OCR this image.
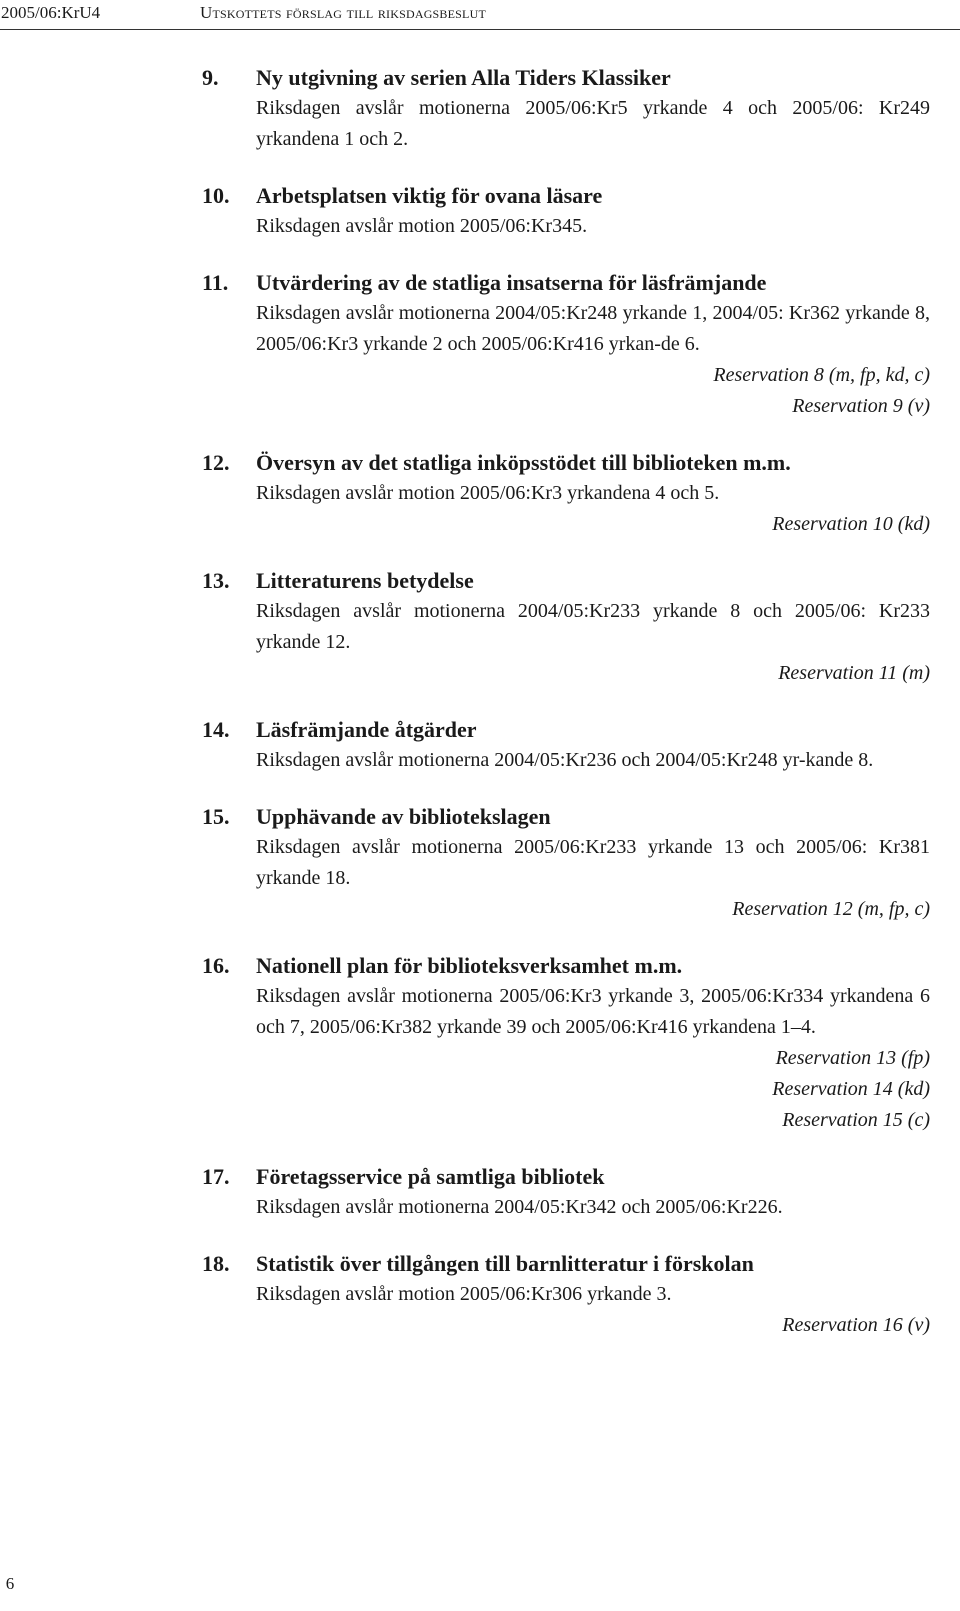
2005/06:KrU4	Utskottets förslag till riksdagsbeslut
9. Ny utgivning av serien Alla Tiders Klassiker
Riksdagen avslår motionerna 2005/06:Kr5 yrkande 4 och 2005/06: Kr249 yrkandena 1 och 2.
10. Arbetsplatsen viktig för ovana läsare
Riksdagen avslår motion 2005/06:Kr345.
11. Utvärdering av de statliga insatserna för läsfrämjande
Riksdagen avslår motionerna 2004/05:Kr248 yrkande 1, 2004/05: Kr362 yrkande 8, 2005/06:Kr3 yrkande 2 och 2005/06:Kr416 yrkan-de 6.
Reservation 8 (m, fp, kd, c)
Reservation 9 (v)
12. Översyn av det statliga inköpsstödet till biblioteken m.m.
Riksdagen avslår motion 2005/06:Kr3 yrkandena 4 och 5.
Reservation 10 (kd)
13. Litteraturens betydelse
Riksdagen avslår motionerna 2004/05:Kr233 yrkande 8 och 2005/06: Kr233 yrkande 12.
Reservation 11 (m)
14. Läsfrämjande åtgärder
Riksdagen avslår motionerna 2004/05:Kr236 och 2004/05:Kr248 yr-kande 8.
15. Upphävande av bibliotekslagen
Riksdagen avslår motionerna 2005/06:Kr233 yrkande 13 och 2005/06: Kr381 yrkande 18.
Reservation 12 (m, fp, c)
16. Nationell plan för biblioteksverksamhet m.m.
Riksdagen avslår motionerna 2005/06:Kr3 yrkande 3, 2005/06:Kr334 yrkandena 6 och 7, 2005/06:Kr382 yrkande 39 och 2005/06:Kr416 yrkandena 1–4.
Reservation 13 (fp)
Reservation 14 (kd)
Reservation 15 (c)
17. Företagsservice på samtliga bibliotek
Riksdagen avslår motionerna 2004/05:Kr342 och 2005/06:Kr226.
18. Statistik över tillgången till barnlitteratur i förskolan
Riksdagen avslår motion 2005/06:Kr306 yrkande 3.
Reservation 16 (v)
6
